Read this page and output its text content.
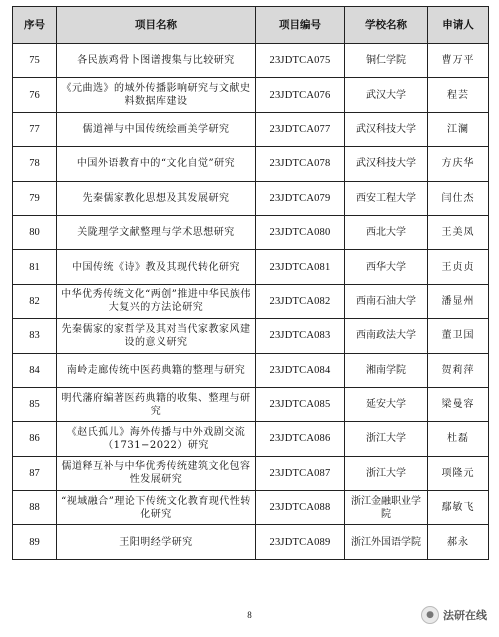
序号	项目名称	项目编号	学校名称	申请人
75	各民族鸡骨卜图谱搜集与比较研究	23JDTCA075	铜仁学院	曹万平
76	《元曲选》的域外传播影响研究与文献史料数据库建设	23JDTCA076	武汉大学	程芸
77	儒道禅与中国传统绘画美学研究	23JDTCA077	武汉科技大学	江澜
78	中国外语教育中的“文化自觉”研究	23JDTCA078	武汉科技大学	方庆华
79	先秦儒家教化思想及其发展研究	23JDTCA079	西安工程大学	闫仕杰
80	关陇理学文献整理与学术思想研究	23JDTCA080	西北大学	王美凤
81	中国传统《诗》教及其现代转化研究	23JDTCA081	西华大学	王贞贞
82	中华优秀传统文化“两创”推进中华民族伟大复兴的方法论研究	23JDTCA082	西南石油大学	潘显州
83	先秦儒家的家哲学及其对当代家教家风建设的意义研究	23JDTCA083	西南政法大学	董卫国
84	南岭走廊传统中医药典籍的整理与研究	23JDTCA084	湘南学院	贺莉萍
85	明代藩府编著医药典籍的收集、整理与研究	23JDTCA085	延安大学	梁曼容
86	《赵氏孤儿》海外传播与中外戏剧交流（1731−2022）研究	23JDTCA086	浙江大学	杜磊
87	儒道释互补与中华优秀传统建筑文化包容性发展研究	23JDTCA087	浙江大学	项隆元
88	“视域融合”理论下传统文化教育现代性转化研究	23JDTCA088	浙江金融职业学院	鄢敏飞
89	王阳明经学研究	23JDTCA089	浙江外国语学院	郝永
8	● 法研在线
